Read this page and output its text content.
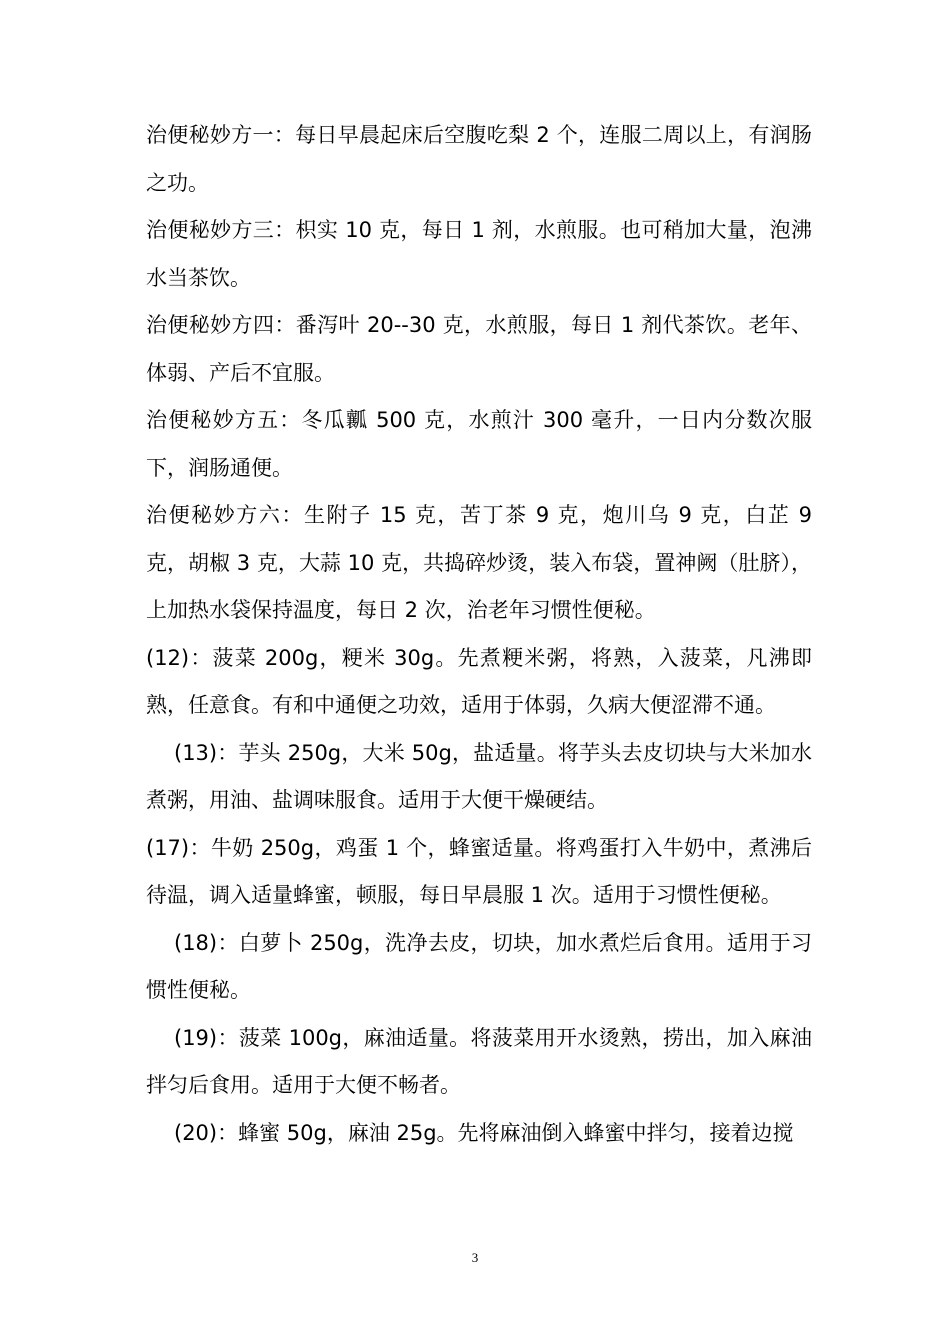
治便秘妙方一：每日早晨起床后空腹吃梨 2 个，连服二周以上，有润肠之功。

治便秘妙方三：枳实 10 克，每日 1 剂，水煎服。也可稍加大量，泡沸水当茶饮。

治便秘妙方四：番泻叶 20--30 克，水煎服，每日 1 剂代茶饮。老年、体弱、产后不宜服。

治便秘妙方五：冬瓜瓤 500 克，水煎汁 300 毫升，一日内分数次服下，润肠通便。

治便秘妙方六：生附子 15 克，苦丁茶 9 克，炮川乌 9 克，白芷 9 克，胡椒 3 克，大蒜 10 克，共捣碎炒烫，装入布袋，置神阙（肚脐），上加热水袋保持温度，每日 2 次，治老年习惯性便秘。

(12)：菠菜 200g，粳米 30g。先煮粳米粥，将熟，入菠菜，凡沸即熟，任意食。有和中通便之功效，适用于体弱，久病大便涩滞不通。

(13)：芋头 250g，大米 50g，盐适量。将芋头去皮切块与大米加水煮粥，用油、盐调味服食。适用于大便干燥硬结。

(17)：牛奶 250g，鸡蛋 1 个，蜂蜜适量。将鸡蛋打入牛奶中，煮沸后待温，调入适量蜂蜜，顿服，每日早晨服 1 次。适用于习惯性便秘。

(18)：白萝卜 250g，洗净去皮，切块，加水煮烂后食用。适用于习惯性便秘。

(19)：菠菜 100g，麻油适量。将菠菜用开水烫熟，捞出，加入麻油拌匀后食用。适用于大便不畅者。

(20)：蜂蜜 50g，麻油 25g。先将麻油倒入蜂蜜中拌匀，接着边搅

3
